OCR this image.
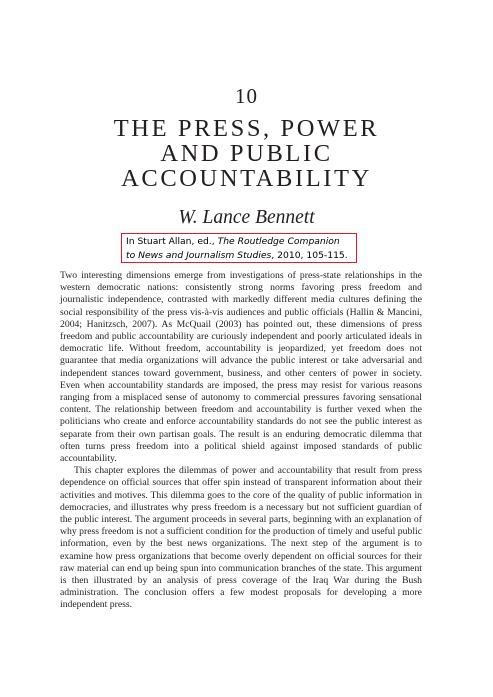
10
THE PRESS, POWER
AND PUBLIC
ACCOUNTABILITY
W. Lance Bennett
In Stuart Allan, ed., The Routledge Companion
to News and Journalism Studies, 2010, 105-115.

Two interesting dimensions emerge from investigations of press-state relationships in the western democratic nations: consistently strong norms favoring press freedom and journalistic independence, contrasted with markedly different media cultures defining the social responsibility of the press vis-à-vis audiences and public officials (Hallin & Mancini, 2004; Hanitzsch, 2007). As McQuail (2003) has pointed out, these dimensions of press freedom and public accountability are curiously independent and poorly articulated ideals in democratic life. Without freedom, accountability is jeopardized, yet freedom does not guarantee that media organizations will advance the public interest or take adversarial and independent stances toward government, business, and other centers of power in society. Even when accountability standards are imposed, the press may resist for various reasons ranging from a misplaced sense of autonomy to commercial pressures favoring sensational content. The relationship between freedom and accountability is further vexed when the politicians who create and enforce accountability standards do not see the public interest as separate from their own partisan goals. The result is an enduring democratic dilemma that often turns press freedom into a political shield against imposed standards of public accountability.

This chapter explores the dilemmas of power and accountability that result from press dependence on official sources that offer spin instead of transparent information about their activities and motives. This dilemma goes to the core of the quality of public information in democracies, and illustrates why press freedom is a necessary but not sufficient guardian of the public interest. The argument proceeds in several parts, beginning with an explanation of why press freedom is not a sufficient condition for the production of timely and useful public information, even by the best news organizations. The next step of the argument is to examine how press organizations that become overly dependent on official sources for their raw material can end up being spun into communication branches of the state. This argument is then illustrated by an analysis of press coverage of the Iraq War during the Bush administration. The conclusion offers a few modest proposals for developing a more independent press.
